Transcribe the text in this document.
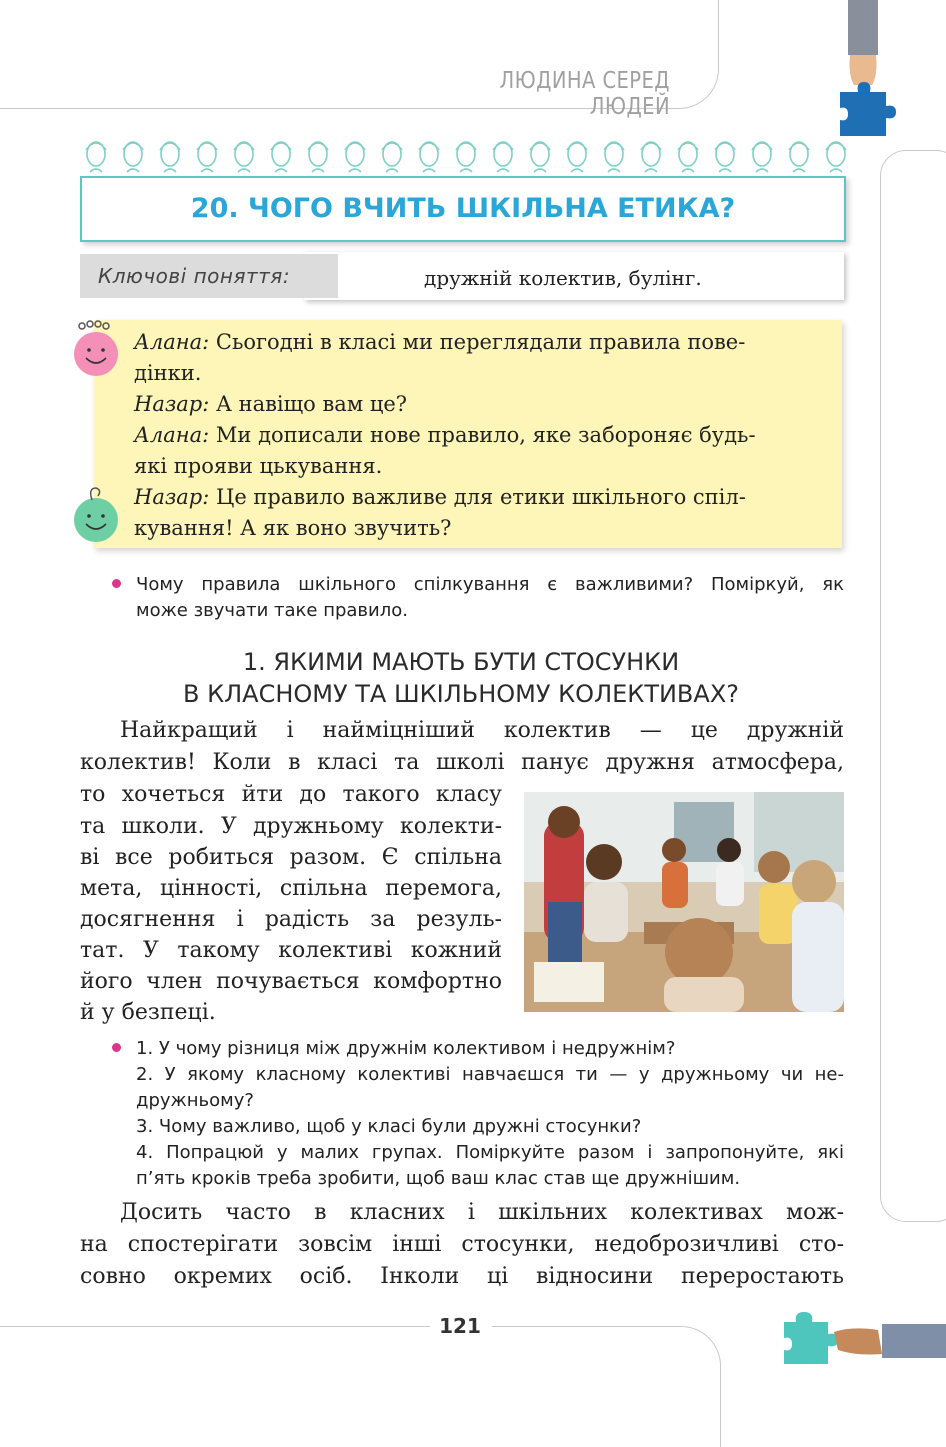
ЛЮДИНА СЕРЕД ЛЮДЕЙ
20. ЧОГО ВЧИТЬ ШКІЛЬНА ЕТИКА?
Ключові поняття:	дружній колектив, булінг.
Алана: Сьогодні в класі ми переглядали правила пове-
дінки.
Назар: А навіщо вам це?
Алана: Ми дописали нове правило, яке забороняє будь-
які прояви цькування.
Назар: Це правило важливе для етики шкільного спіл-
кування! А як воно звучить?
Чому правила шкільного спілкування є важливими? Поміркуй, як
може звучати таке правило.
1. ЯКИМИ МАЮТЬ БУТИ СТОСУНКИ
В КЛАСНОМУ ТА ШКІЛЬНОМУ КОЛЕКТИВАХ?
Найкращий і найміцніший колектив — це дружній
колектив! Коли в класі та школі панує дружня атмосфера,
то хочеться йти до такого класу
та школи. У дружньому колекти-
ві все робиться разом. Є спільна
мета, цінності, спільна перемога,
досягнення і радість за резуль-
тат. У такому колективі кожний
його член почувається комфортно
й у безпеці.
1. У чому різниця між дружнім колективом і недружнім?
2. У якому класному колективі навчаєшся ти — у дружньому чи не-
дружньому?
3. Чому важливо, щоб у класі були дружні стосунки?
4. Попрацюй у малих групах. Поміркуйте разом і запропонуйте, які
п’ять кроків треба зробити, щоб ваш клас став ще дружнішим.
Досить часто в класних і шкільних колективах мож-
на спостерігати зовсім інші стосунки, недоброзичливі сто-
совно окремих осіб. Інколи ці відносини переростають
121
